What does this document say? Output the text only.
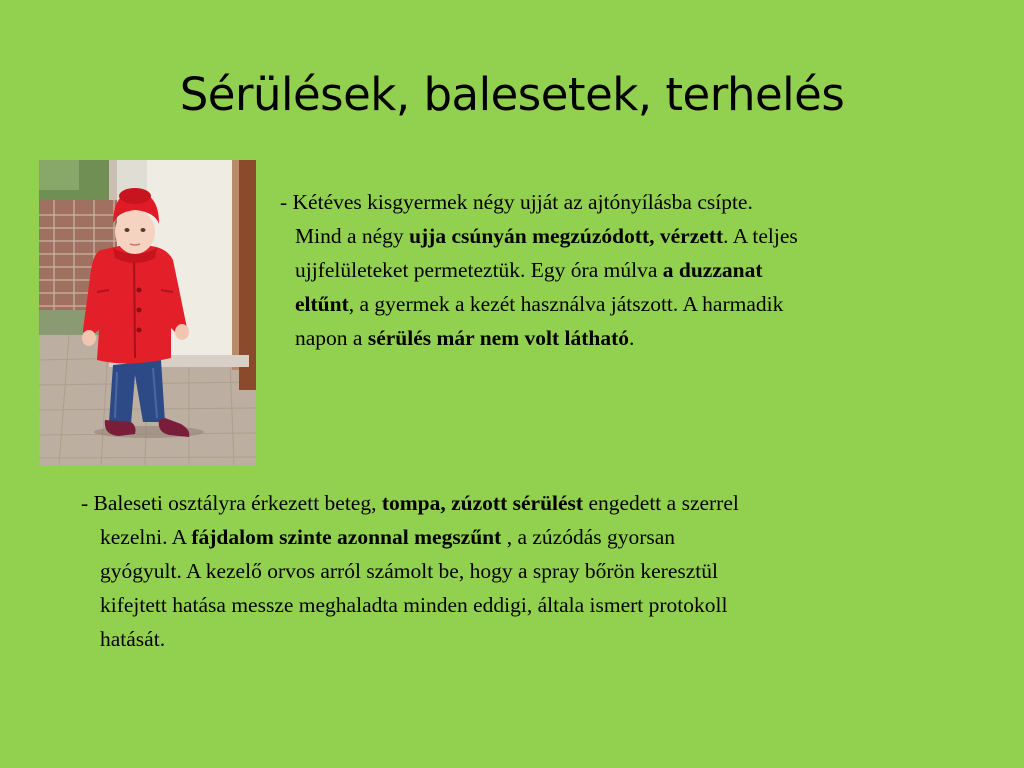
Sérülések, balesetek, terhelés

- Kétéves kisgyermek négy ujját az ajtónyílásba csípte.
Mind a négy ujja csúnyán megzúzódott, vérzett. A teljes
ujjfelületeket permeteztük. Egy óra múlva a duzzanat
eltűnt, a gyermek a kezét használva játszott. A harmadik
napon a sérülés már nem volt látható.

- Baleseti osztályra érkezett beteg, tompa, zúzott sérülést engedett a szerrel
kezelni. A fájdalom szinte azonnal megszűnt , a zúzódás gyorsan
gyógyult. A kezelő orvos arról számolt be, hogy a spray bőrön keresztül
kifejtett hatása messze meghaladta minden eddigi, általa ismert protokoll
hatását.
